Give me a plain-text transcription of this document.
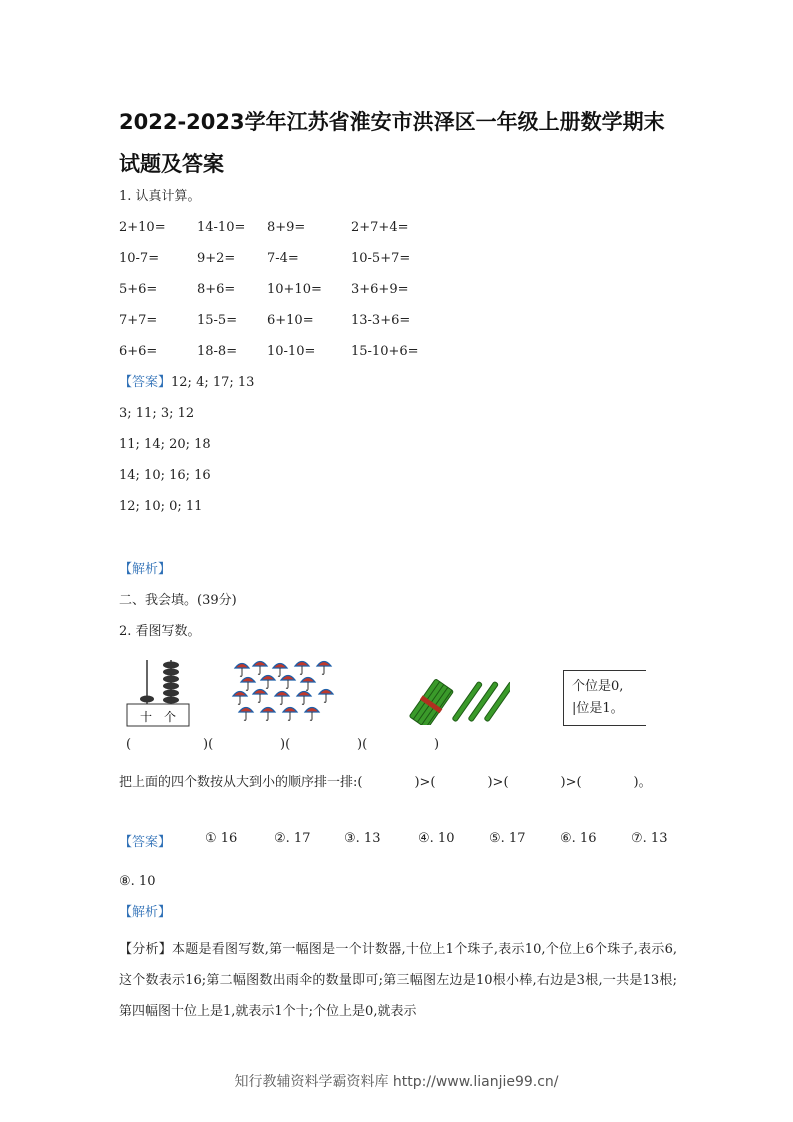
2022-2023学年江苏省淮安市洪泽区一年级上册数学期末试题及答案
1. 认真计算。
2+10= 14-10= 8+9=	2+7+4=
10-7=	9+2= 7-4=	10-5+7=
5+6=	8+6= 10+10= 3+6+9=
7+7=	15-5= 6+10=	13-3+6=
6+6=	18-8= 10-10=	15-10+6=
【答案】12; 4; 17; 13
3; 11; 3; 12
11; 14; 20; 18
14; 10; 16; 16
12; 10; 0; 11
【解析】
二、我会填。(39分)
2. 看图写数。
十 个
个位是0,
|位是1。
(	)(	)(	)(	)
把上面的四个数按从大到小的顺序排一排:(　　　　)>(　　　　)>(　　　　)>(　　　　)。
【答案】	① 16	②. 17	③. 13	④. 10	⑤. 17	⑥. 16	⑦. 13
⑧. 10
【解析】
【分析】本题是看图写数,第一幅图是一个计数器,十位上1个珠子,表示10,个位上6个珠子,表示6,这个数表示16;第二幅图数出雨伞的数量即可;第三幅图左边是10根小棒,右边是3根,一共是13根;第四幅图十位上是1,就表示1个十;个位上是0,就表示
知行教辅资料学霸资料库 http://www.lianjie99.cn/
